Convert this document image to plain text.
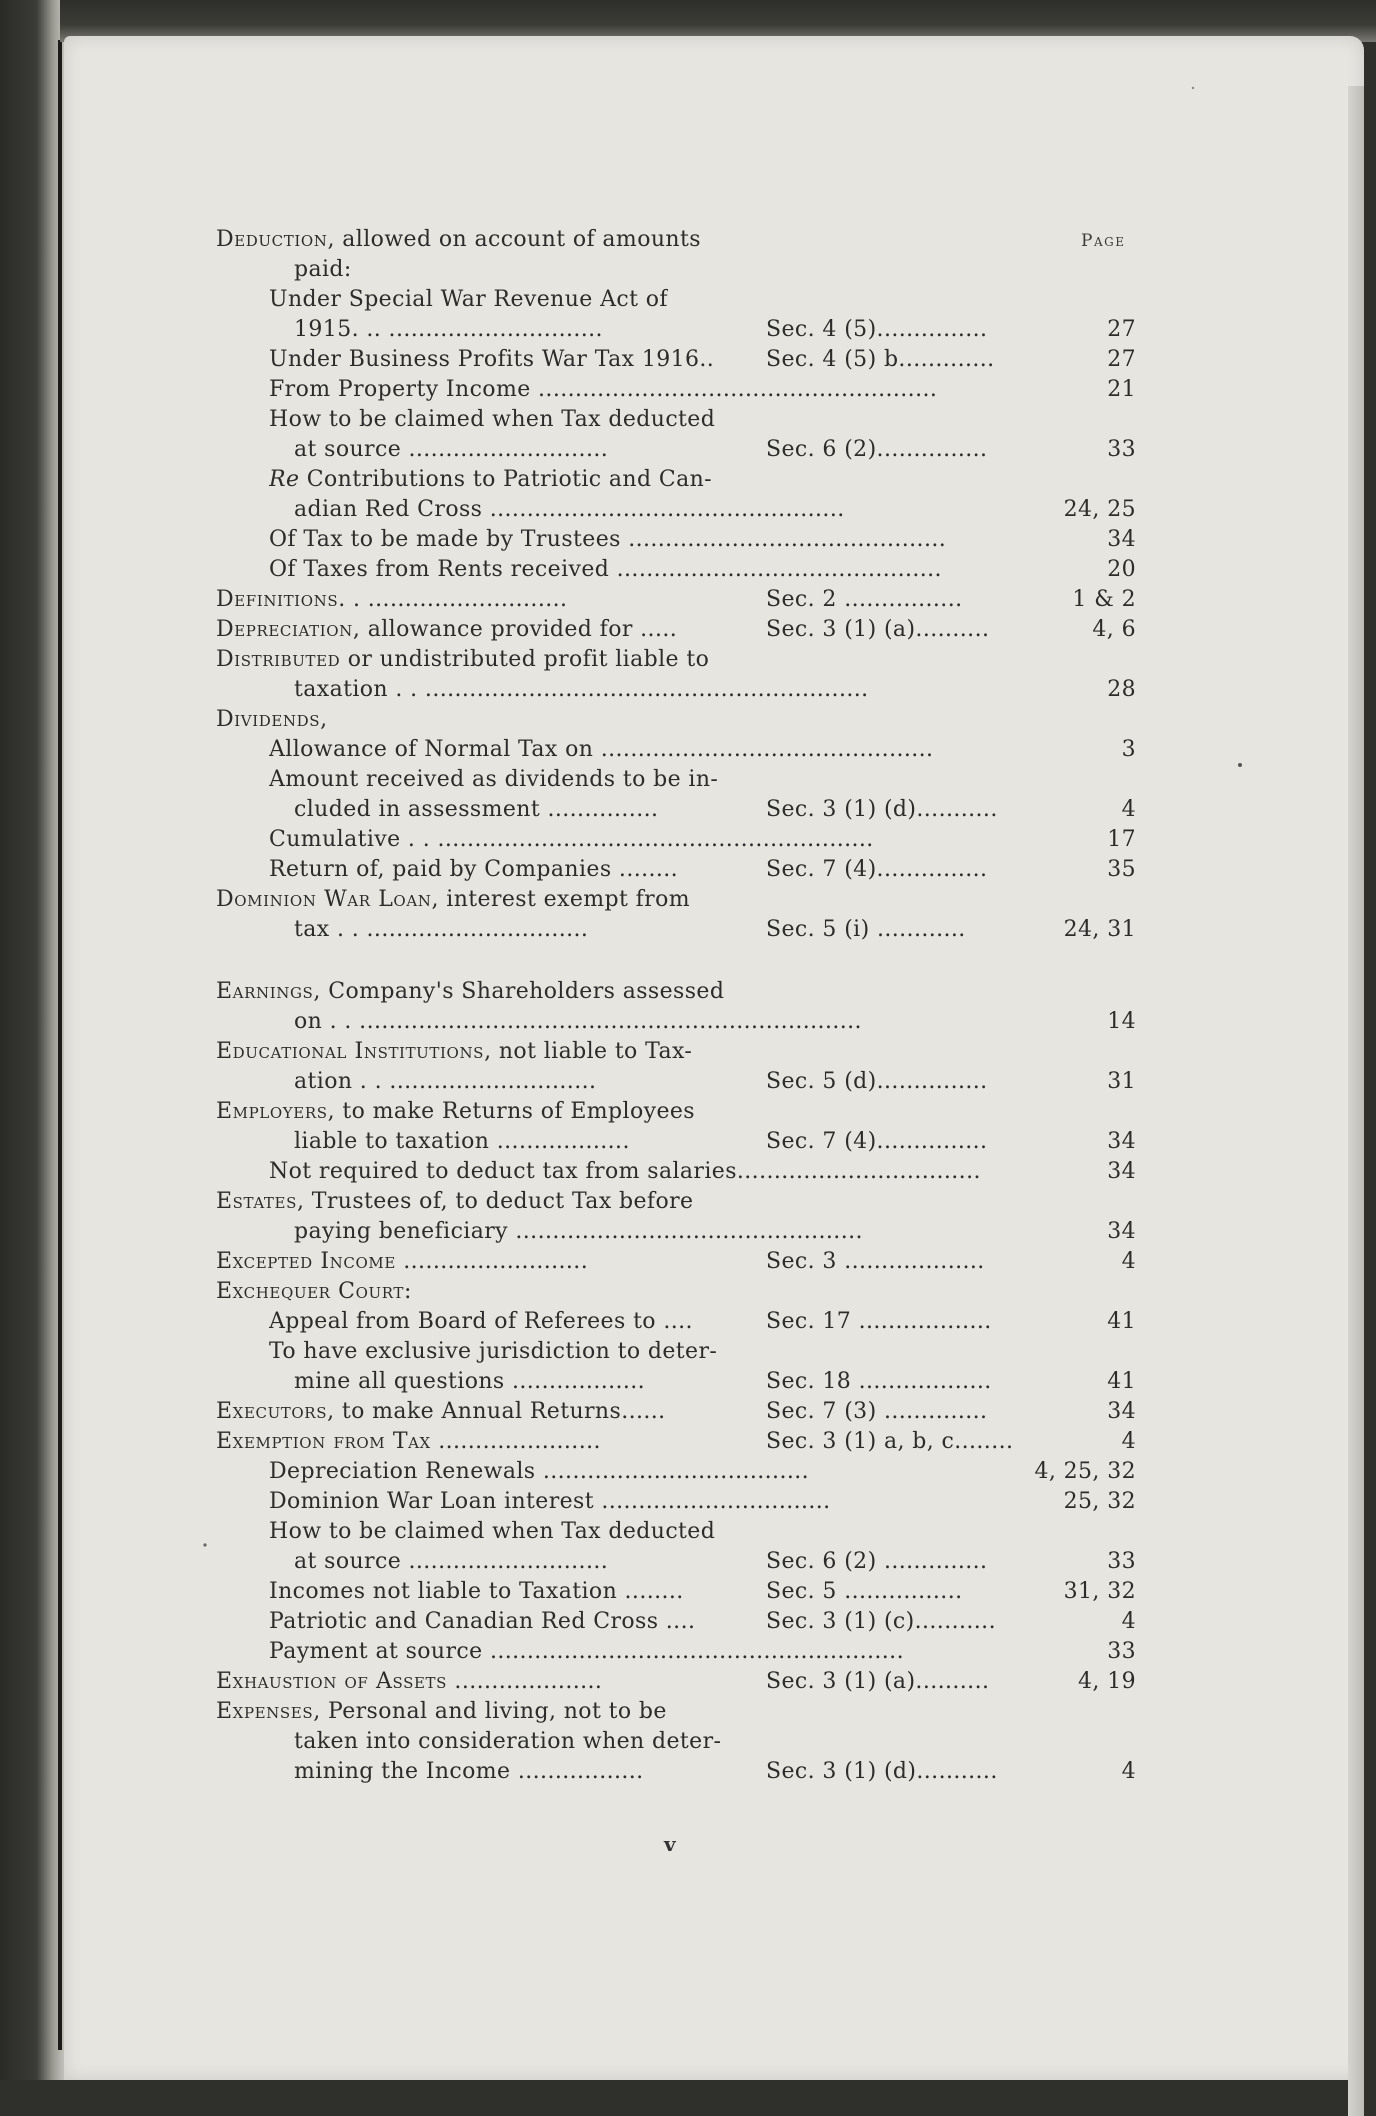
Page
Deduction, allowed on account of amounts
paid:
Under Special War Revenue Act of
1915. .. .............................	Sec. 4 (5)...............	27
Under Business Profits War Tax 1916.. Sec. 4 (5) b.............	27
From Property Income ......................................................	21
How to be claimed when Tax deducted
at source ...........................	Sec. 6 (2)...............	33
Re Contributions to Patriotic and Can-
adian Red Cross ................................................	24, 25
Of Tax to be made by Trustees ...........................................	34
Of Taxes from Rents received ............................................	20
Definitions. . ...........................	Sec. 2 ................	1 & 2
Depreciation, allowance provided for .....	Sec. 3 (1) (a)..........	4, 6
Distributed or undistributed profit liable to
taxation . . ............................................................	28
Dividends,
Allowance of Normal Tax on .............................................	3
Amount received as dividends to be in-
cluded in assessment ...............	Sec. 3 (1) (d)...........	4
Cumulative . . ...........................................................	17
Return of, paid by Companies ........	Sec. 7 (4)...............	35
Dominion War Loan, interest exempt from
tax . . ..............................	Sec. 5 (i) ............	24, 31
Earnings, Company's Shareholders assessed
on . . ....................................................................	14
Educational Institutions, not liable to Tax-
ation . . ............................	Sec. 5 (d)...............	31
Employers, to make Returns of Employees
liable to taxation ..................	Sec. 7 (4)...............	34
Not required to deduct tax from salaries.................................	34
Estates, Trustees of, to deduct Tax before
paying beneficiary ...............................................	34
Excepted Income .........................	Sec. 3 ...................	4
Exchequer Court:
Appeal from Board of Referees to ....	Sec. 17 ..................	41
To have exclusive jurisdiction to deter-
mine all questions ..................	Sec. 18 ..................	41
Executors, to make Annual Returns......	Sec. 7 (3) ..............	34
Exemption from Tax ......................	Sec. 3 (1) a, b, c........	4
Depreciation Renewals ....................................	4, 25, 32
Dominion War Loan interest ...............................	25, 32
How to be claimed when Tax deducted
at source ...........................	Sec. 6 (2) ..............	33
Incomes not liable to Taxation ........	Sec. 5 ................	31, 32
Patriotic and Canadian Red Cross ....	Sec. 3 (1) (c)...........	4
Payment at source ........................................................	33
Exhaustion of Assets ....................	Sec. 3 (1) (a)..........	4, 19
Expenses, Personal and living, not to be
taken into consideration when deter-
mining the Income .................	Sec. 3 (1) (d)...........	4
v
